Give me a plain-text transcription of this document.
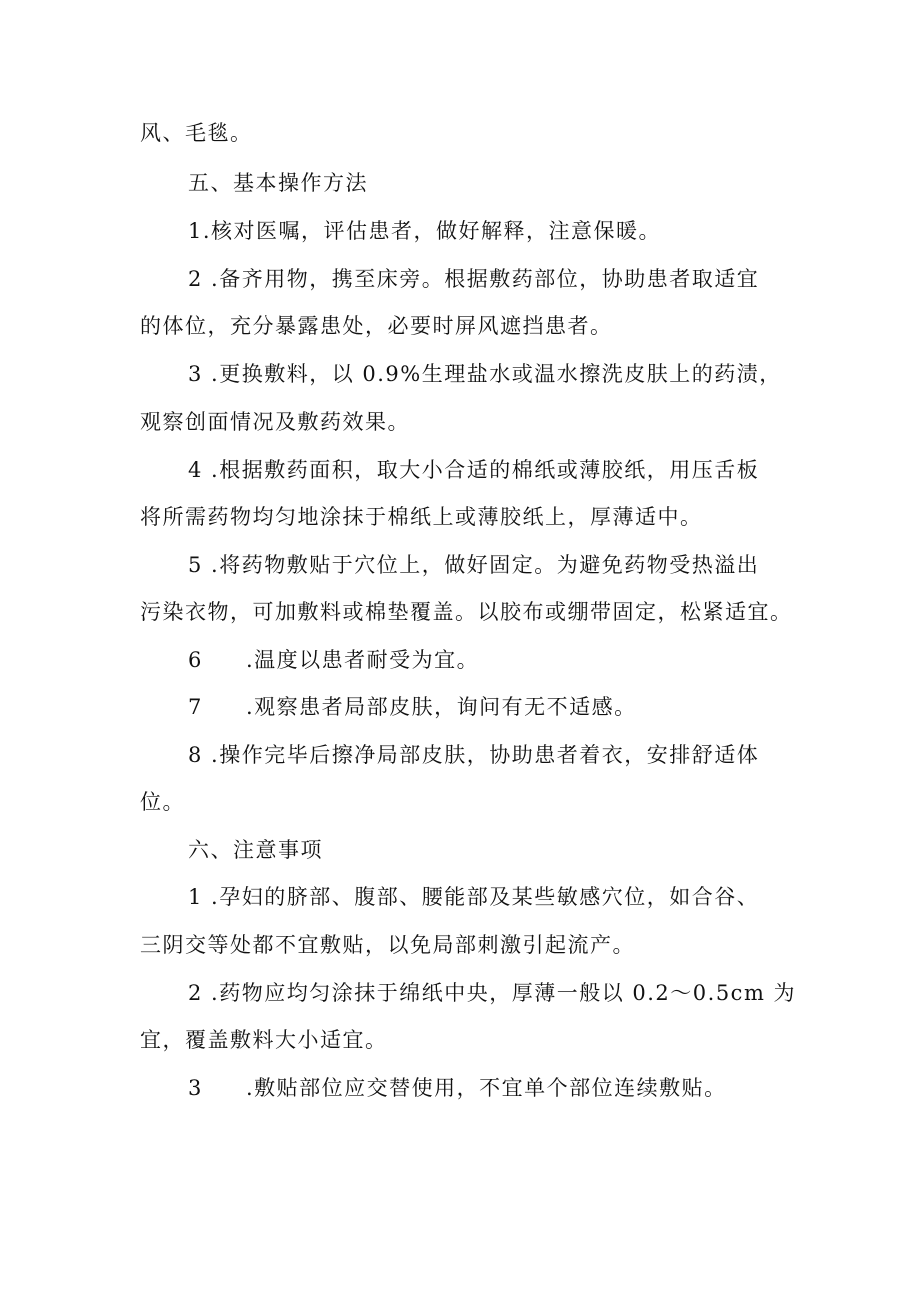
风、毛毯。
五、基本操作方法
1.核对医嘱，评估患者，做好解释，注意保暖。
2 .备齐用物，携至床旁。根据敷药部位，协助患者取适宜
的体位，充分暴露患处，必要时屏风遮挡患者。
3 .更换敷料，以 0.9%生理盐水或温水擦洗皮肤上的药渍，
观察创面情况及敷药效果。
4 .根据敷药面积，取大小合适的棉纸或薄胶纸，用压舌板
将所需药物均匀地涂抹于棉纸上或薄胶纸上，厚薄适中。
5 .将药物敷贴于穴位上，做好固定。为避免药物受热溢出
污染衣物，可加敷料或棉垫覆盖。以胶布或绷带固定，松紧适宜。
6 .温度以患者耐受为宜。
7 .观察患者局部皮肤，询问有无不适感。
8 .操作完毕后擦净局部皮肤，协助患者着衣，安排舒适体
位。
六、注意事项
1 .孕妇的脐部、腹部、腰能部及某些敏感穴位，如合谷、
三阴交等处都不宜敷贴，以免局部刺激引起流产。
2 .药物应均匀涂抹于绵纸中央，厚薄一般以 0.2～0.5cm 为
宜，覆盖敷料大小适宜。
3 .敷贴部位应交替使用，不宜单个部位连续敷贴。
